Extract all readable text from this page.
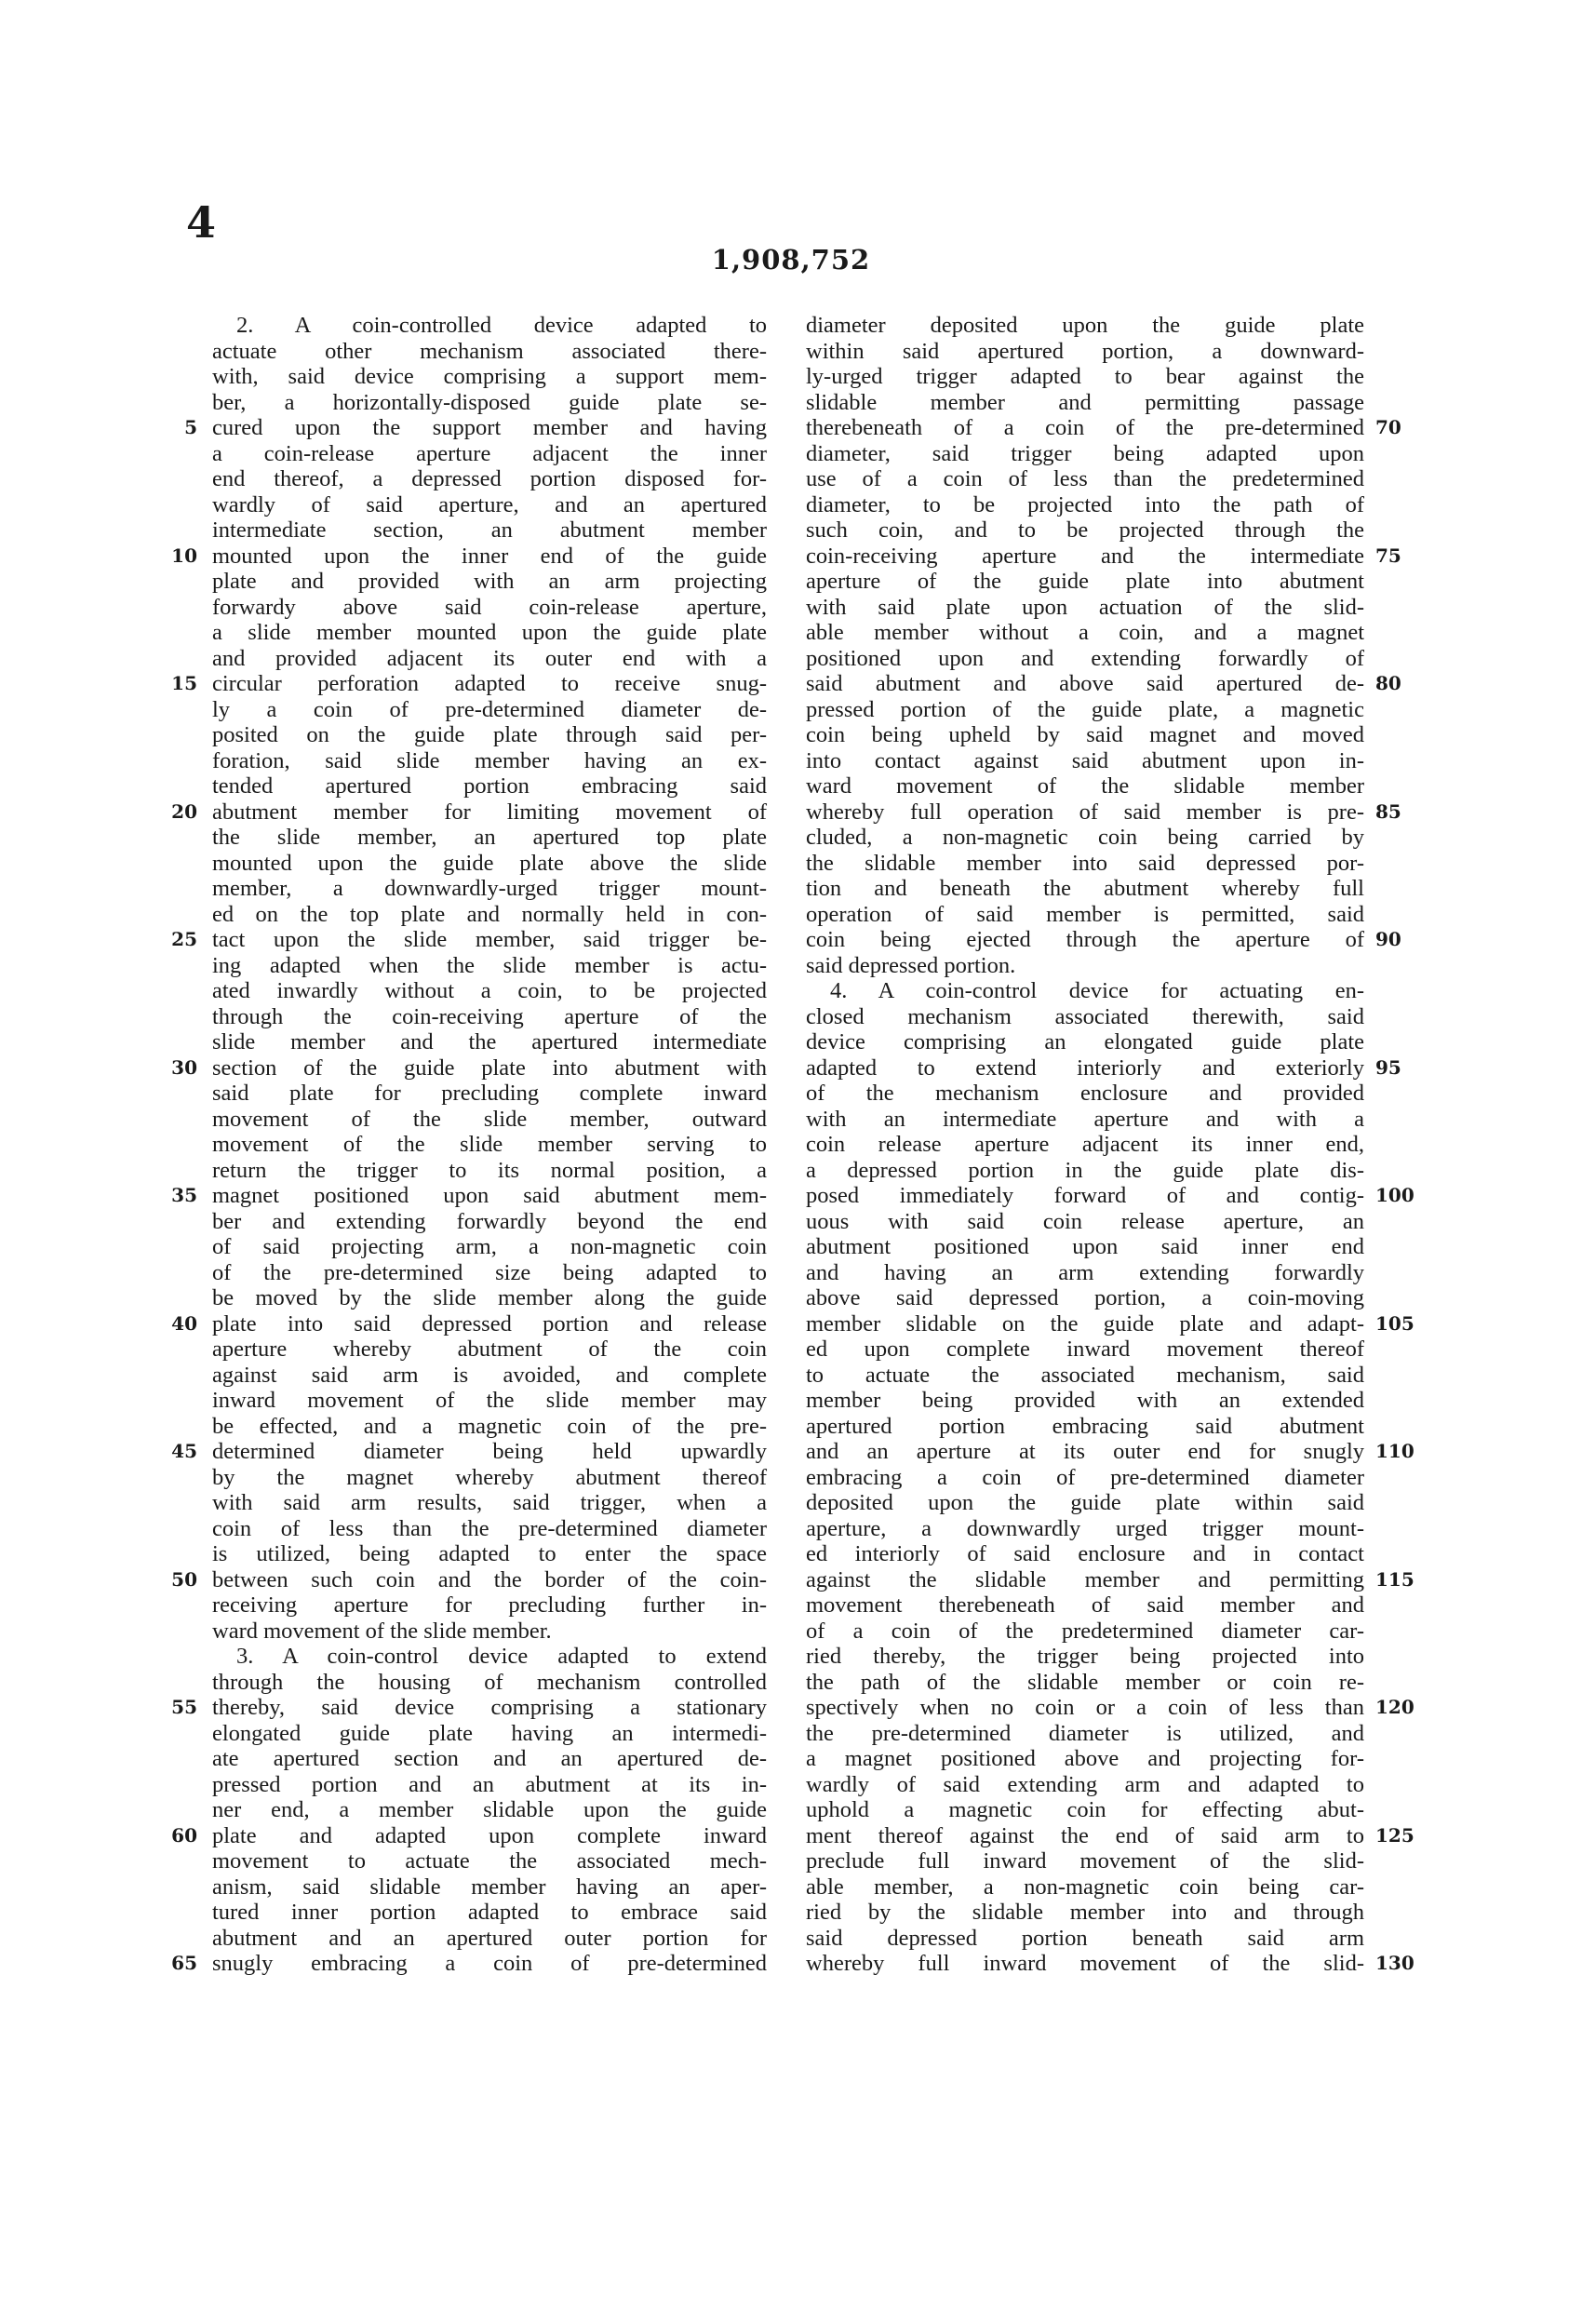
4
1,908,752
2. A coin-controlled device adapted to
actuate other mechanism associated there-
with, said device comprising a support mem-
ber, a horizontally-disposed guide plate se-
cured upon the support member and having
a coin-release aperture adjacent the inner
end thereof, a depressed portion disposed for-
wardly of said aperture, and an apertured
intermediate section, an abutment member
mounted upon the inner end of the guide
plate and provided with an arm projecting
forwardy above said coin-release aperture,
a slide member mounted upon the guide plate
and provided adjacent its outer end with a
circular perforation adapted to receive snug-
ly a coin of pre-determined diameter de-
posited on the guide plate through said per-
foration, said slide member having an ex-
tended apertured portion embracing said
abutment member for limiting movement of
the slide member, an apertured top plate
mounted upon the guide plate above the slide
member, a downwardly-urged trigger mount-
ed on the top plate and normally held in con-
tact upon the slide member, said trigger be-
ing adapted when the slide member is actu-
ated inwardly without a coin, to be projected
through the coin-receiving aperture of the
slide member and the apertured intermediate
section of the guide plate into abutment with
said plate for precluding complete inward
movement of the slide member, outward
movement of the slide member serving to
return the trigger to its normal position, a
magnet positioned upon said abutment mem-
ber and extending forwardly beyond the end
of said projecting arm, a non-magnetic coin
of the pre-determined size being adapted to
be moved by the slide member along the guide
plate into said depressed portion and release
aperture whereby abutment of the coin
against said arm is avoided, and complete
inward movement of the slide member may
be effected, and a magnetic coin of the pre-
determined diameter being held upwardly
by the magnet whereby abutment thereof
with said arm results, said trigger, when a
coin of less than the pre-determined diameter
is utilized, being adapted to enter the space
between such coin and the border of the coin-
receiving aperture for precluding further in-
ward movement of the slide member.
3. A coin-control device adapted to extend
through the housing of mechanism controlled
thereby, said device comprising a stationary
elongated guide plate having an intermedi-
ate apertured section and an apertured de-
pressed portion and an abutment at its in-
ner end, a member slidable upon the guide
plate and adapted upon complete inward
movement to actuate the associated mech-
anism, said slidable member having an aper-
tured inner portion adapted to embrace said
abutment and an apertured outer portion for
snugly embracing a coin of pre-determined
diameter deposited upon the guide plate
within said apertured portion, a downward-
ly-urged trigger adapted to bear against the
slidable member and permitting passage
therebeneath of a coin of the pre-determined
diameter, said trigger being adapted upon
use of a coin of less than the predetermined
diameter, to be projected into the path of
such coin, and to be projected through the
coin-receiving aperture and the intermediate
aperture of the guide plate into abutment
with said plate upon actuation of the slid-
able member without a coin, and a magnet
positioned upon and extending forwardly of
said abutment and above said apertured de-
pressed portion of the guide plate, a magnetic
coin being upheld by said magnet and moved
into contact against said abutment upon in-
ward movement of the slidable member
whereby full operation of said member is pre-
cluded, a non-magnetic coin being carried by
the slidable member into said depressed por-
tion and beneath the abutment whereby full
operation of said member is permitted, said
coin being ejected through the aperture of
said depressed portion.
4. A coin-control device for actuating en-
closed mechanism associated therewith, said
device comprising an elongated guide plate
adapted to extend interiorly and exteriorly
of the mechanism enclosure and provided
with an intermediate aperture and with a
coin release aperture adjacent its inner end,
a depressed portion in the guide plate dis-
posed immediately forward of and contig-
uous with said coin release aperture, an
abutment positioned upon said inner end
and having an arm extending forwardly
above said depressed portion, a coin-moving
member slidable on the guide plate and adapt-
ed upon complete inward movement thereof
to actuate the associated mechanism, said
member being provided with an extended
apertured portion embracing said abutment
and an aperture at its outer end for snugly
embracing a coin of pre-determined diameter
deposited upon the guide plate within said
aperture, a downwardly urged trigger mount-
ed interiorly of said enclosure and in contact
against the slidable member and permitting
movement therebeneath of said member and
of a coin of the predetermined diameter car-
ried thereby, the trigger being projected into
the path of the slidable member or coin re-
spectively when no coin or a coin of less than
the pre-determined diameter is utilized, and
a magnet positioned above and projecting for-
wardly of said extending arm and adapted to
uphold a magnetic coin for effecting abut-
ment thereof against the end of said arm to
preclude full inward movement of the slid-
able member, a non-magnetic coin being car-
ried by the slidable member into and through
said depressed portion beneath said arm
whereby full inward movement of the slid-
5
10
15
20
25
30
35
40
45
50
55
60
65
70
75
80
85
90
95
100
105
110
115
120
125
130
